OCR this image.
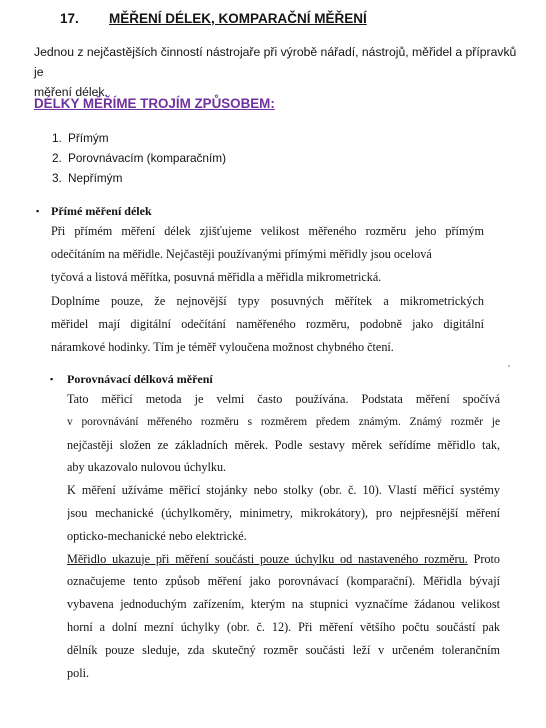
17. MĚŘENÍ DÉLEK, KOMPARAČNÍ MĚŘENÍ

Jednou z nejčastějších činností nástrojaře při výrobě nářadí, nástrojů, měřidel a přípravků je
měření délek.

DÉLKY MĚŘÍME TROJÍM ZPŮSOBEM:
1. Přímým
2. Porovnávacím (komparačním)
3. Nepřímým
▪ Přímé měření délek
Při přímém měření délek zjišťujeme velikost měřeného rozměru jeho přímým
odečítáním na měřidle. Nejčastěji používanými přímými měřidly jsou ocelová
tyčová a listová měřítka, posuvná měřidla a měřidla mikrometrická.
Doplníme pouze, že nejnovější typy posuvných měřítek a mikrometrických
měřidel mají digitální odečítání naměřeného rozměru, podobně jako digitální
náramkové hodinky. Tím je téměř vyloučena možnost chybného čtení.
▪ Porovnávací délková měření
Tato měřicí metoda je velmi často používána. Podstata měření spočívá
v porovnávání měřeného rozměru s rozměrem předem známým. Známý rozměr je
nejčastěji složen ze základních měrek. Podle sestavy měrek seřídíme měřidlo tak,
aby ukazovalo nulovou úchylku.
K měření užíváme měřicí stojánky nebo stolky (obr. č. 10). Vlastí měřicí systémy
jsou mechanické (úchylkoměry, minimetry, mikrokátory), pro nejpřesnější měření
opticko-mechanické nebo elektrické.
Měřidlo ukazuje při měření součásti pouze úchylku od nastaveného rozměru. Proto
označujeme tento způsob měření jako porovnávací (komparační). Měřidla bývají
vybavena jednoduchým zařízením, kterým na stupnici vyznačíme žádanou velikost
horní a dolní mezní úchylky (obr. č. 12). Při měření většího počtu součástí pak
dělník pouze sleduje, zda skutečný rozměr součásti leží v určeném tolerančním
poli.
